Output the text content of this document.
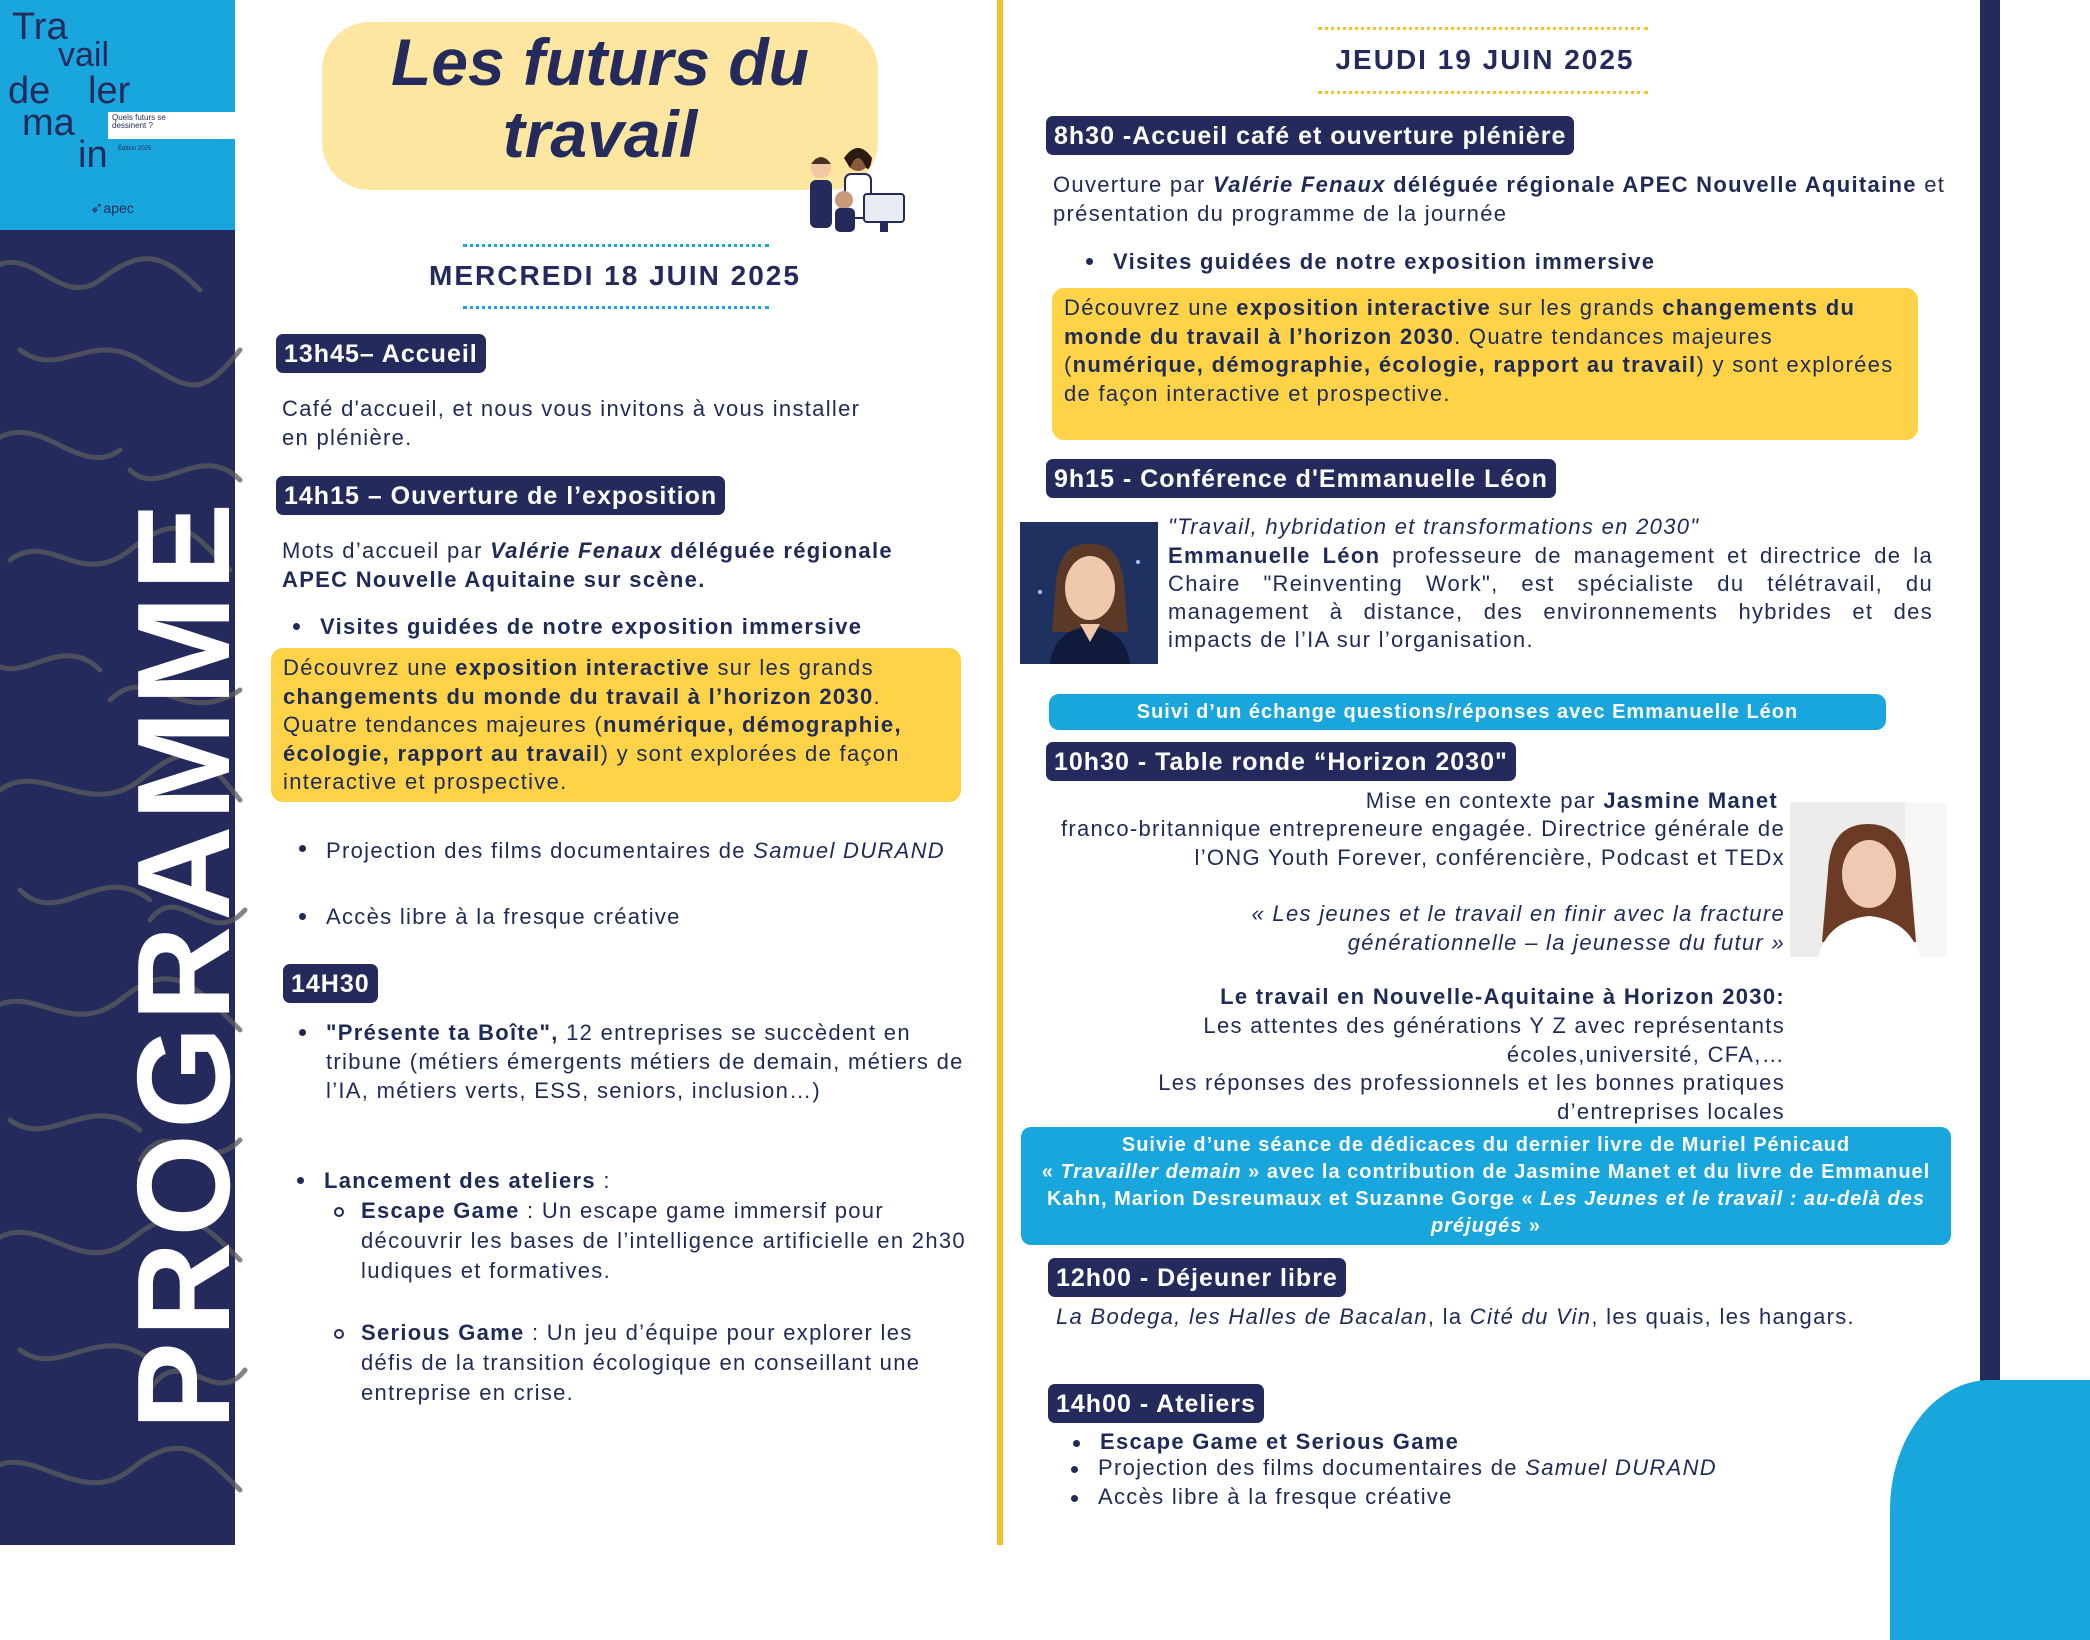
PROGRAMME
Tra
vail
de ler
ma
in
Quels futurs se dessinent ?
Édition 2025
➶apec
Les futurs du
travail
MERCREDI 18 JUIN 2025
13h45– Accueil
Café d'accueil, et nous vous invitons à vous installer en plénière.
14h15 – Ouverture de l’exposition
Mots d’accueil par Valérie Fenaux déléguée régionale APEC Nouvelle Aquitaine sur scène.
Visites guidées de notre exposition immersive
Découvrez une exposition interactive sur les grands changements du monde du travail à l’horizon 2030. Quatre tendances majeures (numérique, démographie, écologie, rapport au travail) y sont explorées de façon interactive et prospective.
Projection des films documentaires de Samuel DURAND
Accès libre à la fresque créative
14H30
"Présente ta Boîte", 12 entreprises se succèdent en tribune (métiers émergents métiers de demain, métiers de l’IA, métiers verts, ESS, seniors, inclusion…)
Lancement des ateliers :
Escape Game : Un escape game immersif pour découvrir les bases de l’intelligence artificielle en 2h30 ludiques et formatives.
Serious Game : Un jeu d’équipe pour explorer les défis de la transition écologique en conseillant une entreprise en crise.
JEUDI 19 JUIN 2025
8h30 -Accueil café et ouverture plénière
Ouverture par Valérie Fenaux déléguée régionale APEC Nouvelle Aquitaine et présentation du programme de la journée
Visites guidées de notre exposition immersive
Découvrez une exposition interactive sur les grands changements du monde du travail à l’horizon 2030. Quatre tendances majeures (numérique, démographie, écologie, rapport au travail) y sont explorées de façon interactive et prospective.
9h15 - Conférence d'Emmanuelle Léon
"Travail, hybridation et transformations en 2030"
Emmanuelle Léon professeure de management et directrice de la Chaire "Reinventing Work", est spécialiste du télétravail, du management à distance, des environnements hybrides et des impacts de l’IA sur l’organisation.
Suivi d’un échange questions/réponses avec Emmanuelle Léon
10h30 - Table ronde “Horizon 2030"
Mise en contexte par Jasmine Manet
franco-britannique entrepreneure engagée. Directrice générale de l’ONG Youth Forever, conférencière, Podcast et TEDx
« Les jeunes et le travail en finir avec la fracture générationnelle – la jeunesse du futur »
Le travail en Nouvelle-Aquitaine à Horizon 2030:
Les attentes des générations Y Z avec représentants écoles,université, CFA,…
Les réponses des professionnels et les bonnes pratiques d’entreprises locales
Suivie d’une séance de dédicaces du dernier livre de Muriel Pénicaud
« Travailler demain » avec la contribution de Jasmine Manet et du livre de Emmanuel Kahn, Marion Desreumaux et Suzanne Gorge « Les Jeunes et le travail : au-delà des préjugés »
12h00 - Déjeuner libre
La Bodega, les Halles de Bacalan, la Cité du Vin, les quais, les hangars.
14h00 - Ateliers
Escape Game et Serious Game
Projection des films documentaires de Samuel DURAND
Accès libre à la fresque créative
